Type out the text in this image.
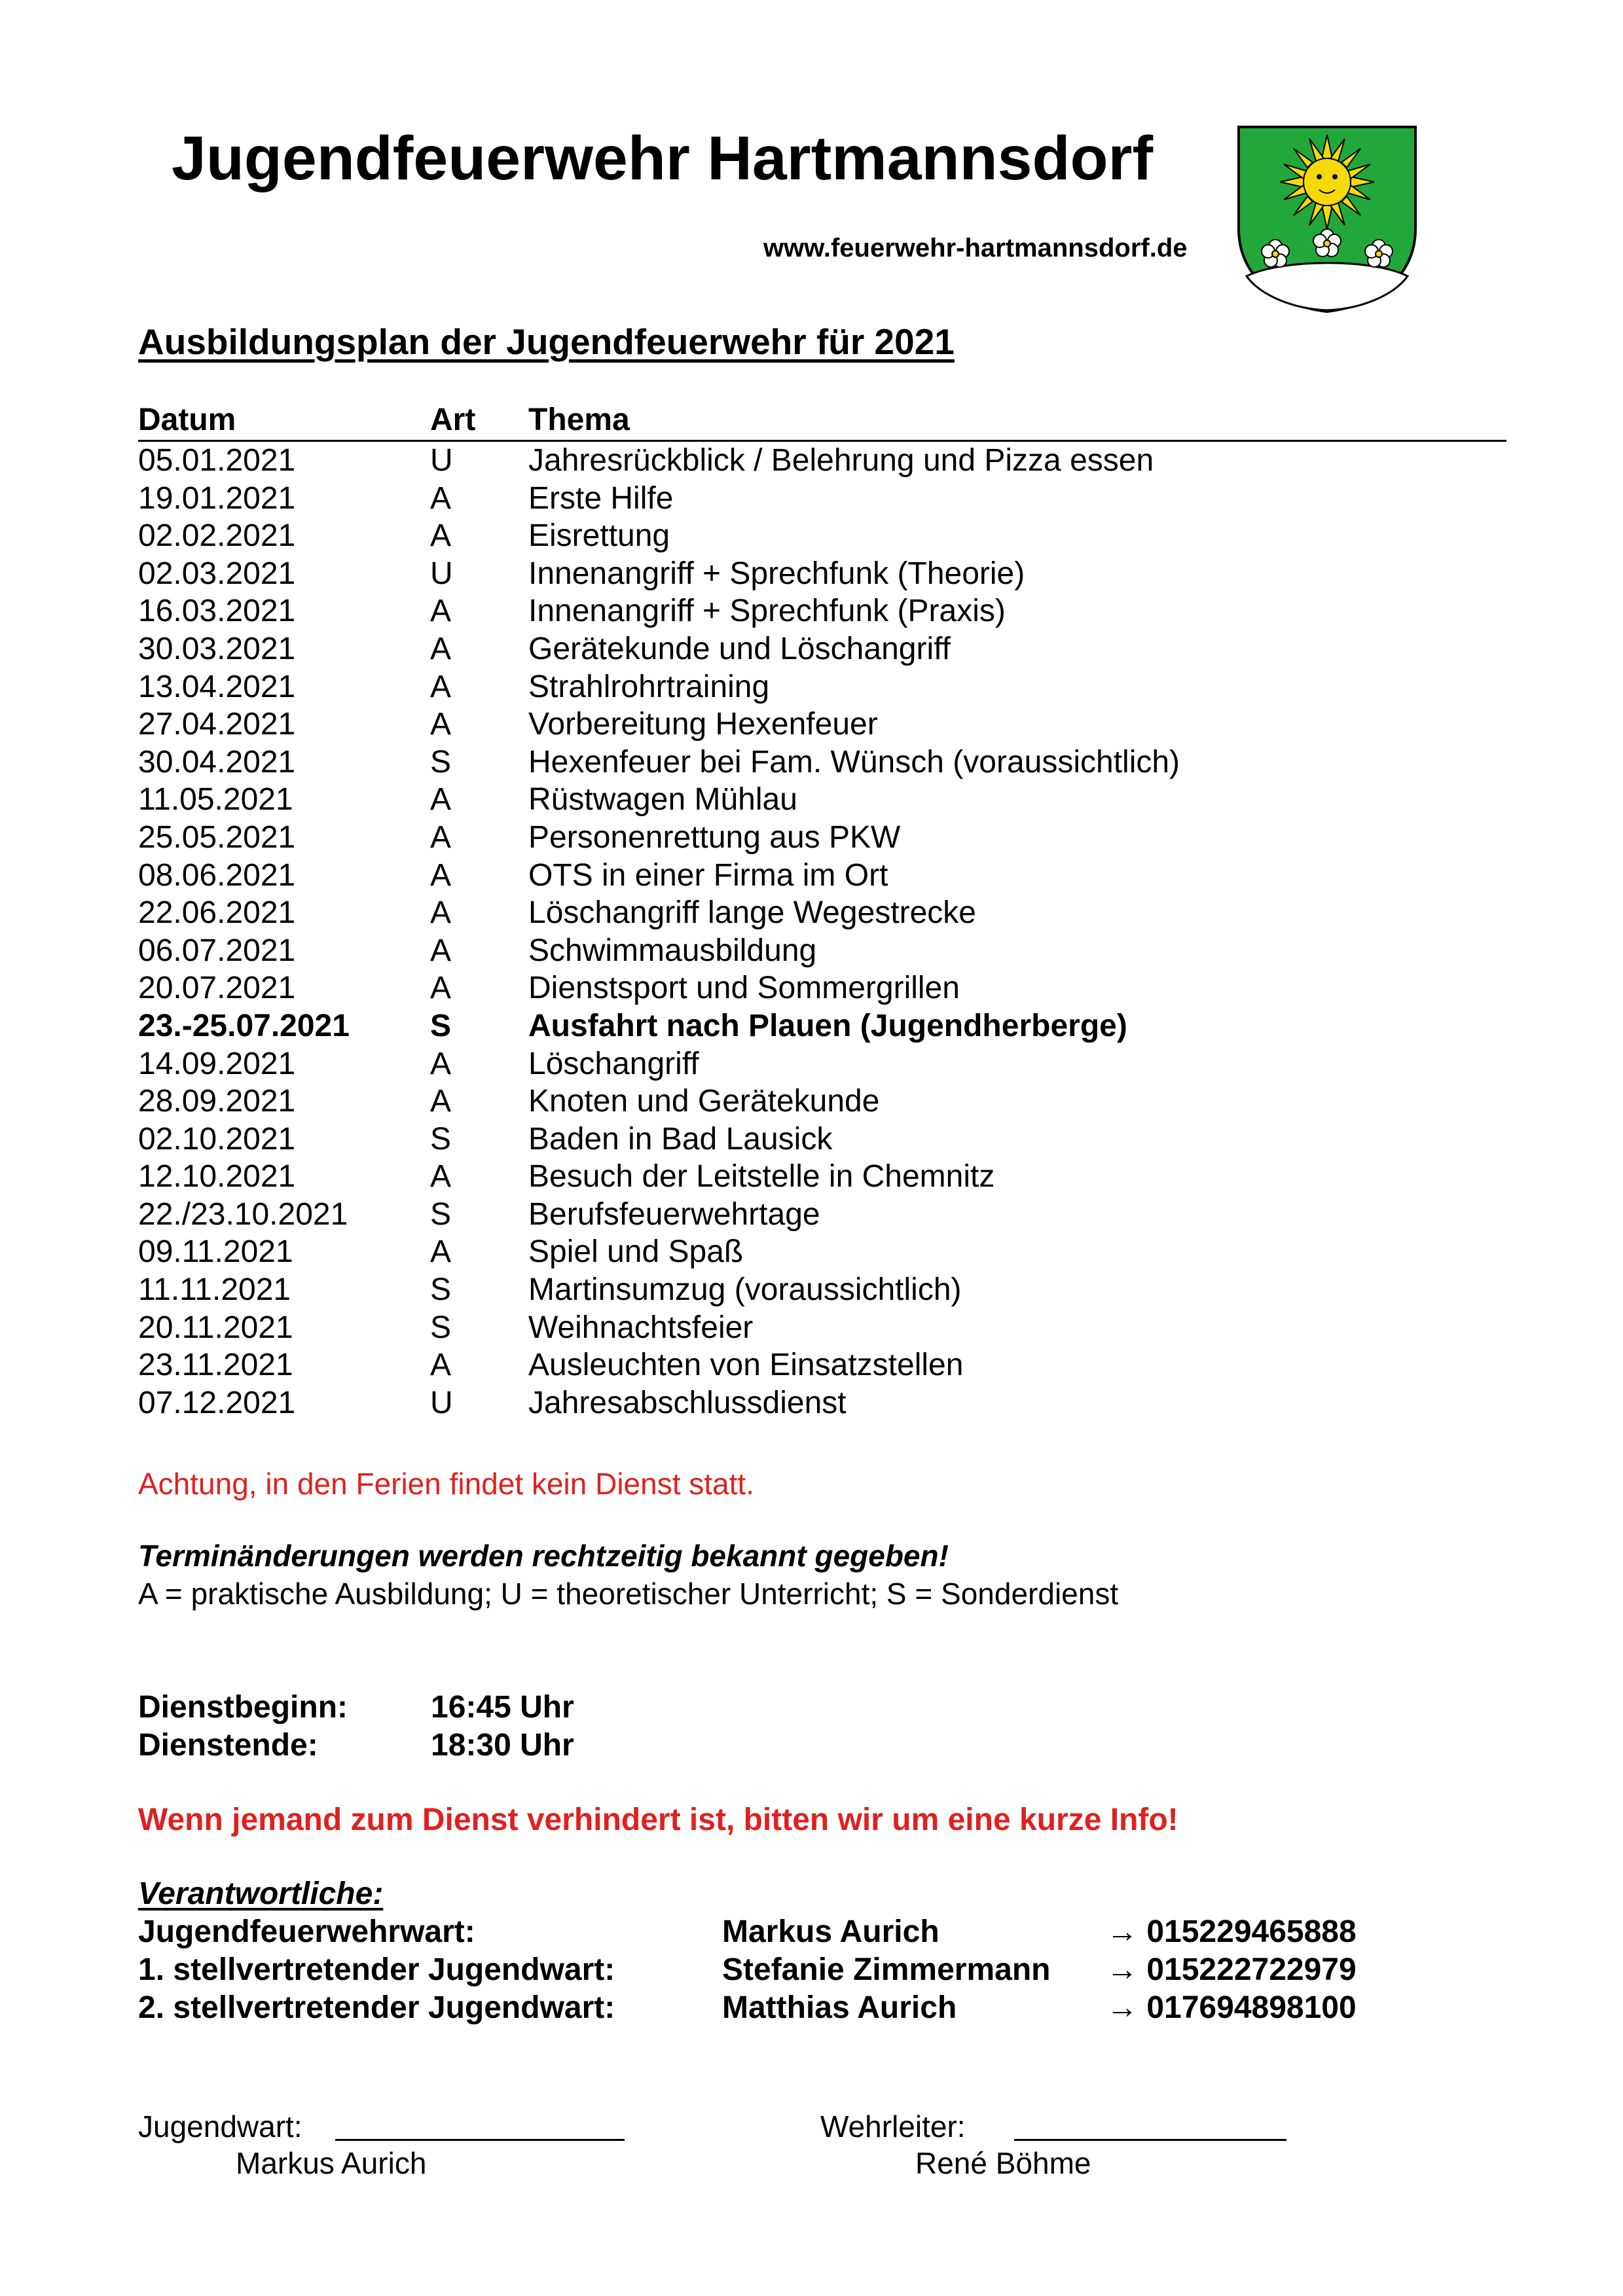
Jugendfeuerwehr Hartmannsdorf
www.feuerwehr-hartmannsdorf.de
Ausbildungsplan der Jugendfeuerwehr für 2021
Datum	Art Thema
05.01.2021	U Jahresrückblick / Belehrung und Pizza essen
19.01.2021	A Erste Hilfe
02.02.2021	A Eisrettung
02.03.2021	U Innenangriff + Sprechfunk (Theorie)
16.03.2021	A Innenangriff + Sprechfunk (Praxis)
30.03.2021	A Gerätekunde und Löschangriff
13.04.2021	A Strahlrohrtraining
27.04.2021	A Vorbereitung Hexenfeuer
30.04.2021	S Hexenfeuer bei Fam. Wünsch (voraussichtlich)
11.05.2021	A Rüstwagen Mühlau
25.05.2021	A Personenrettung aus PKW
08.06.2021	A OTS in einer Firma im Ort
22.06.2021	A Löschangriff lange Wegestrecke
06.07.2021	A Schwimmausbildung
20.07.2021	A Dienstsport und Sommergrillen
23.-25.07.2021	S Ausfahrt nach Plauen (Jugendherberge)
14.09.2021	A Löschangriff
28.09.2021	A Knoten und Gerätekunde
02.10.2021	S Baden in Bad Lausick
12.10.2021	A Besuch der Leitstelle in Chemnitz
22./23.10.2021	S Berufsfeuerwehrtage
09.11.2021	A Spiel und Spaß
11.11.2021	S Martinsumzug (voraussichtlich)
20.11.2021	S Weihnachtsfeier
23.11.2021	A Ausleuchten von Einsatzstellen
07.12.2021	U Jahresabschlussdienst
Achtung, in den Ferien findet kein Dienst statt.
Terminänderungen werden rechtzeitig bekannt gegeben!
A = praktische Ausbildung; U = theoretischer Unterricht; S = Sonderdienst
Dienstbeginn:	16:45 Uhr
Dienstende:	18:30 Uhr
Wenn jemand zum Dienst verhindert ist, bitten wir um eine kurze Info!
Verantwortliche:
Jugendfeuerwehrwart:	Markus Aurich	→ 015229465888
1. stellvertretender Jugendwart:	Stefanie Zimmermann → 015222722979
2. stellvertretender Jugendwart:	Matthias Aurich	→ 017694898100
Jugendwart:
Markus Aurich
Wehrleiter:
René Böhme
